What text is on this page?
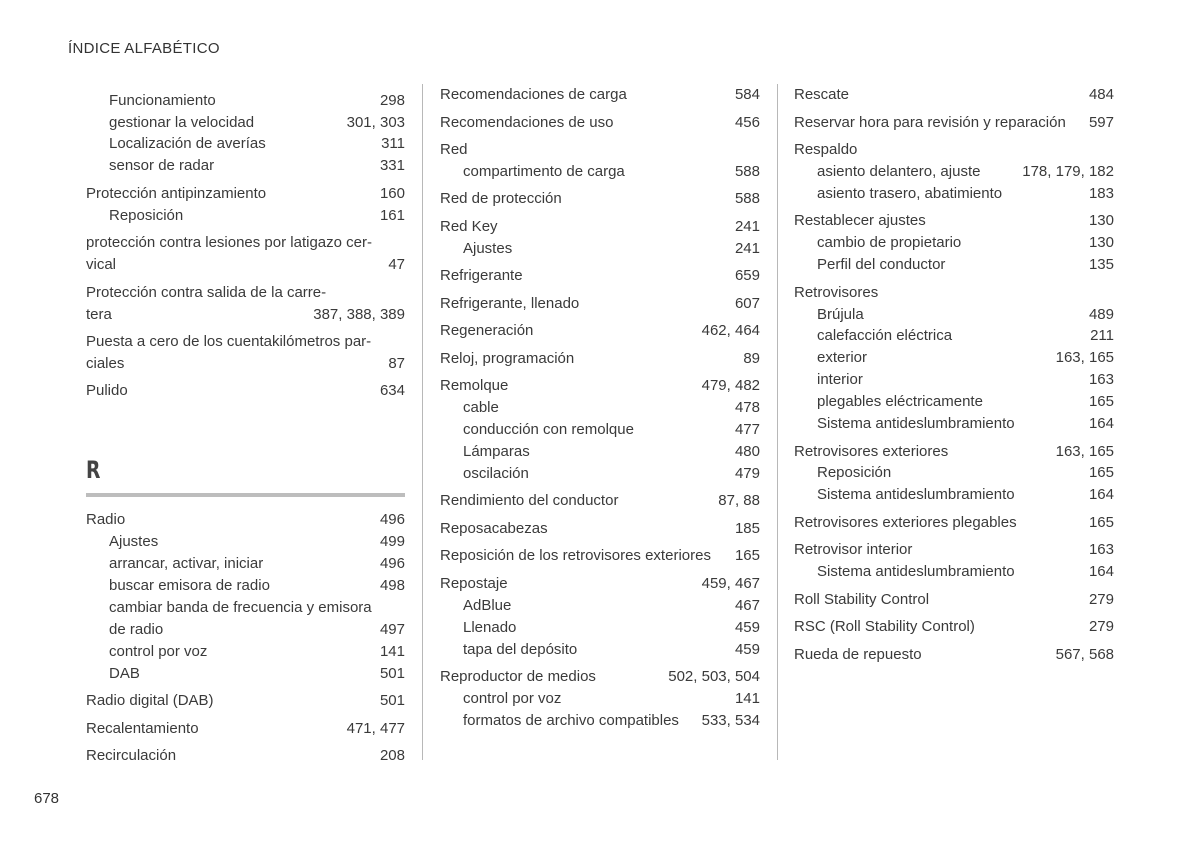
ÍNDICE ALFABÉTICO
Funcionamiento	298
gestionar la velocidad	301, 303
Localización de averías	311
sensor de radar	331
Protección antipinzamiento	160
Reposición	161
protección contra lesiones por latigazo cer-
vical	47
Protección contra salida de la carre-
tera	387, 388, 389
Puesta a cero de los cuentakilómetros par-
ciales	87
Pulido	634
R
Radio	496
Ajustes	499
arrancar, activar, iniciar	496
buscar emisora de radio	498
cambiar banda de frecuencia y emisora
de radio	497
control por voz	141
DAB	501
Radio digital (DAB)	501
Recalentamiento	471, 477
Recirculación	208
Recomendaciones de carga	584
Recomendaciones de uso	456
Red
compartimento de carga	588
Red de protección	588
Red Key	241
Ajustes	241
Refrigerante	659
Refrigerante, llenado	607
Regeneración	462, 464
Reloj, programación	89
Remolque	479, 482
cable	478
conducción con remolque	477
Lámparas	480
oscilación	479
Rendimiento del conductor	87, 88
Reposacabezas	185
Reposición de los retrovisores exteriores 165
Repostaje	459, 467
AdBlue	467
Llenado	459
tapa del depósito	459
Reproductor de medios	502, 503, 504
control por voz	141
formatos de archivo compatibles 533, 534
Rescate	484
Reservar hora para revisión y reparación 597
Respaldo
asiento delantero, ajuste	178, 179, 182
asiento trasero, abatimiento	183
Restablecer ajustes	130
cambio de propietario	130
Perfil del conductor	135
Retrovisores
Brújula	489
calefacción eléctrica	211
exterior	163, 165
interior	163
plegables eléctricamente	165
Sistema antideslumbramiento	164
Retrovisores exteriores	163, 165
Reposición	165
Sistema antideslumbramiento	164
Retrovisores exteriores plegables	165
Retrovisor interior	163
Sistema antideslumbramiento	164
Roll Stability Control	279
RSC (Roll Stability Control)	279
Rueda de repuesto	567, 568
678
